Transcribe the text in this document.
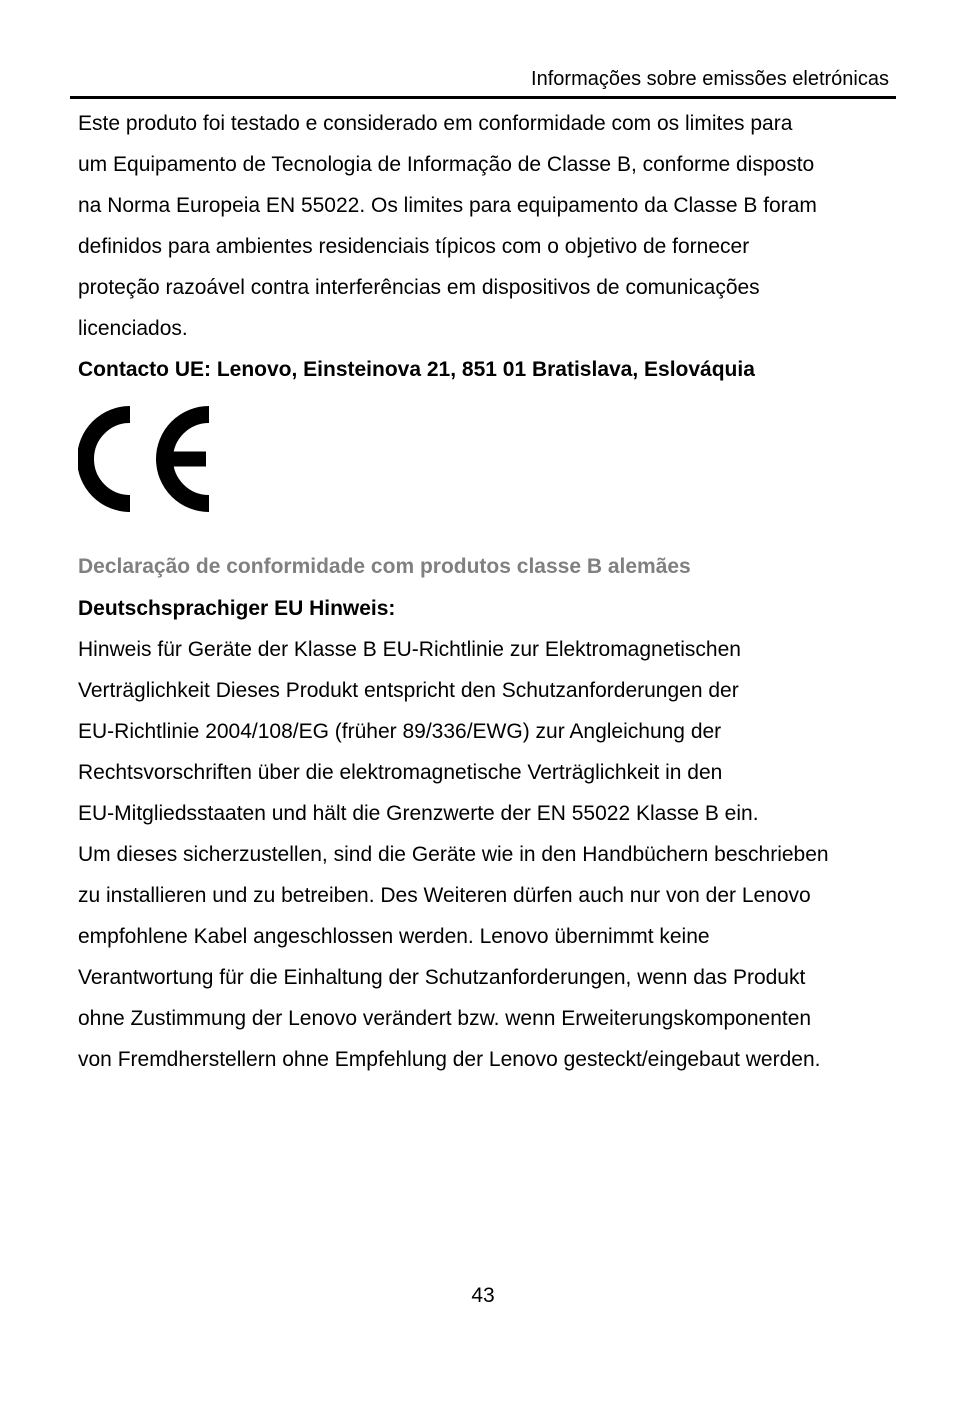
Informações sobre emissões eletrónicas

Este produto foi testado e considerado em conformidade com os limites para

um Equipamento de Tecnologia de Informação de Classe B, conforme disposto

na Norma Europeia EN 55022. Os limites para equipamento da Classe B foram

definidos para ambientes residenciais típicos com o objetivo de fornecer

proteção razoável contra interferências em dispositivos de comunicações

licenciados.

Contacto UE: Lenovo, Einsteinova 21, 851 01 Bratislava, Eslováquia

Declaração de conformidade com produtos classe B alemães

Deutschsprachiger EU Hinweis:

Hinweis für Geräte der Klasse B EU-Richtlinie zur Elektromagnetischen

Verträglichkeit Dieses Produkt entspricht den Schutzanforderungen der

EU-Richtlinie 2004/108/EG (früher 89/336/EWG) zur Angleichung der

Rechtsvorschriften über die elektromagnetische Verträglichkeit in den

EU-Mitgliedsstaaten und hält die Grenzwerte der EN 55022 Klasse B ein.

Um dieses sicherzustellen, sind die Geräte wie in den Handbüchern beschrieben

zu installieren und zu betreiben. Des Weiteren dürfen auch nur von der Lenovo

empfohlene Kabel angeschlossen werden. Lenovo übernimmt keine

Verantwortung für die Einhaltung der Schutzanforderungen, wenn das Produkt

ohne Zustimmung der Lenovo verändert bzw. wenn Erweiterungskomponenten

von Fremdherstellern ohne Empfehlung der Lenovo gesteckt/eingebaut werden.

43
